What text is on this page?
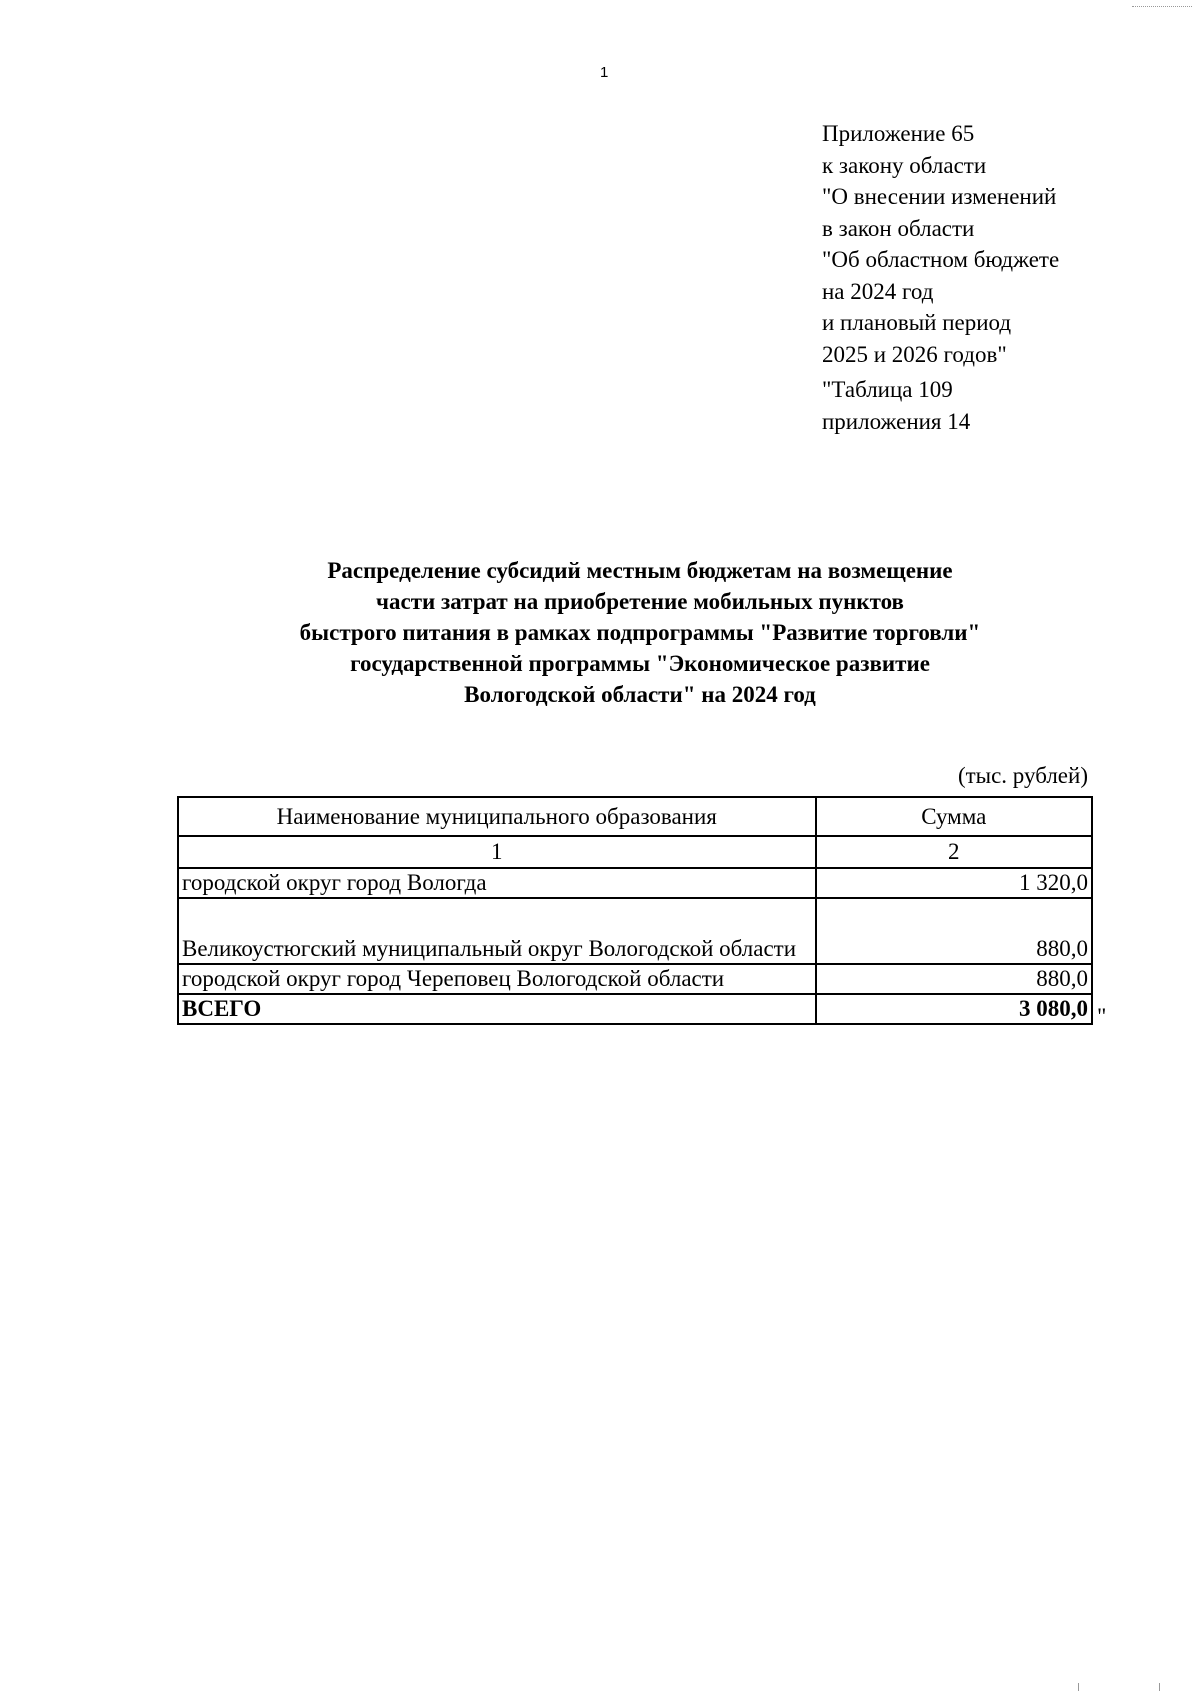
1
Приложение 65
к закону области
"О внесении изменений
в закон области
"Об областном бюджете
на 2024 год
и плановый период
2025 и 2026 годов"
"Таблица 109
приложения 14
Распределение субсидий местным бюджетам на возмещение
части затрат на приобретение мобильных пунктов
быстрого питания в рамках подпрограммы "Развитие торговли"
государственной программы "Экономическое развитие
Вологодской области" на 2024 год
(тыс. рублей)
Наименование муниципального образования	Сумма
1	2
городской округ город Вологда	1 320,0
Великоустюгский муниципальный округ Вологодской области	880,0
городской округ город Череповец Вологодской области	880,0
ВСЕГО	3 080,0 "
